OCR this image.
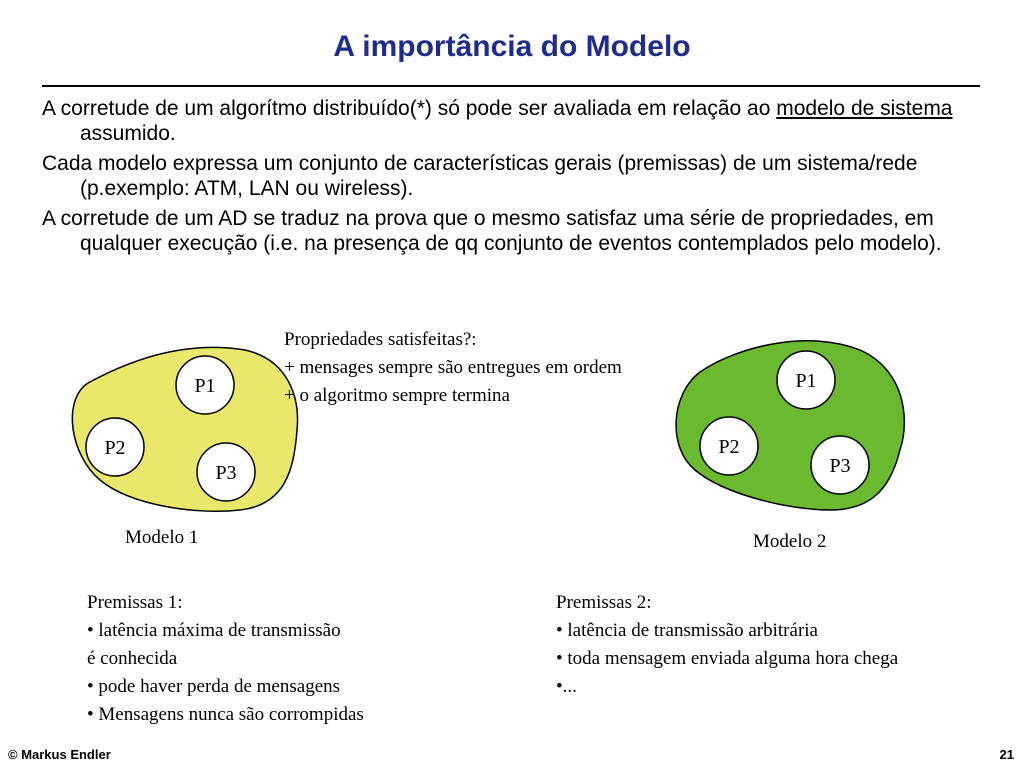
A importância do Modelo

A corretude de um algorítmo distribuído(*) só pode ser avaliada em relação ao modelo de sistema assumido.

Cada modelo expressa um conjunto de características gerais (premissas) de um sistema/rede (p.exemplo: ATM, LAN ou wireless).

A corretude de um AD se traduz na prova que o mesmo satisfaz uma série de propriedades, em qualquer execução (i.e. na presença de qq conjunto de eventos contemplados pelo modelo).

P1
P2
P3
P1
P2
P3
Propriedades satisfeitas?:
+ mensages sempre são entregues em ordem
+ o algoritmo sempre termina
Modelo 1	Modelo 2
Premissas 1:
• latência máxima de transmissão
é conhecida
• pode haver perda de mensagens
• Mensagens nunca são corrompidas
Premissas 2:
• latência de transmissão arbitrária
• toda mensagem enviada alguma hora chega
•...
© Markus Endler	21
